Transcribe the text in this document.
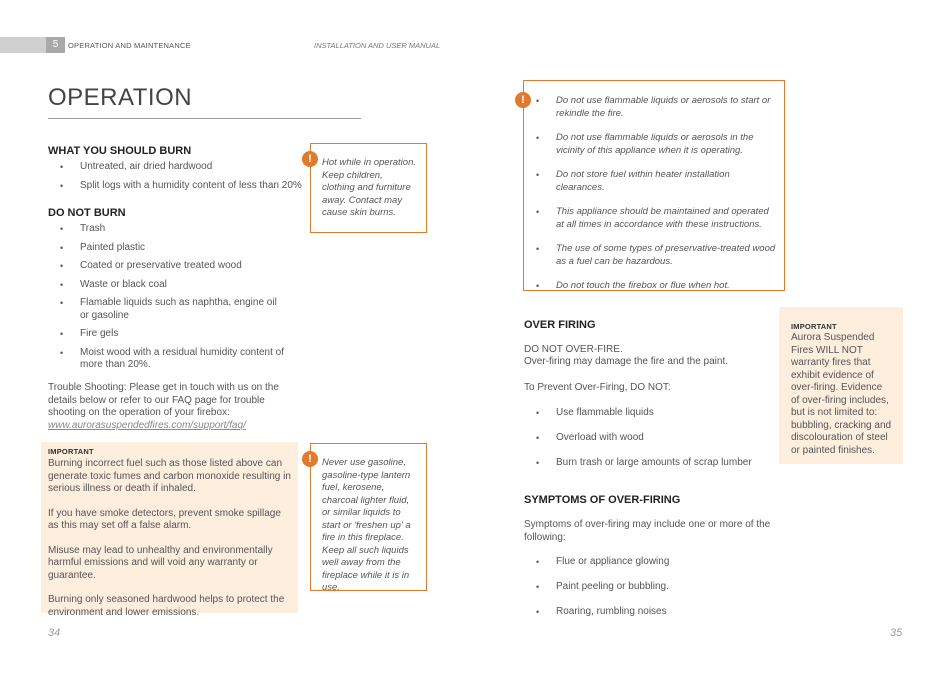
5	OPERATION AND MAINTENANCE	INSTALLATION AND USER MANUAL
OPERATION
WHAT YOU SHOULD BURN
• Untreated, air dried hardwood
• Split logs with a humidity content of less than 20%
DO NOT BURN
• Trash
• Painted plastic
• Coated or preservative treated wood
• Waste or black coal
• Flamable liquids such as naphtha, engine oil or gasoline
• Fire gels
• Moist wood with a residual humidity content of more than 20%.
Trouble Shooting: Please get in touch with us on the details below or refer to our FAQ page for trouble shooting on the operation of your firebox:
www.aurorasuspendedfires.com/support/faq/
IMPORTANT
Burning incorrect fuel such as those listed above can generate toxic fumes and carbon monoxide resulting in serious illness or death if inhaled.
If you have smoke detectors, prevent smoke spillage as this may set off a false alarm.
Misuse may lead to unhealthy and environmentally harmful emissions and will void any warranty or guarantee.
Burning only seasoned hardwood helps to protect the environment and lower emissions.
Hot while in operation. Keep children, clothing and furniture away. Contact may cause skin burns.
!
Never use gasoline, gasoline-type lantern fuel, kerosene, charcoal lighter fluid, or similar liquids to start or 'freshen up' a fire in this fireplace. Keep all such liquids well away from the fireplace while it is in use.
!
34
• Do not use flammable liquids or aerosols to start or rekindle the fire.
• Do not use flammable liquids or aerosols in the vicinity of this appliance when it is operating.
• Do not store fuel within heater installation clearances.
• This appliance should be maintained and operated at all times in accordance with these instructions.
• The use of some types of preservative-treated wood as a fuel can be hazardous.
• Do not touch the firebox or flue when hot.
!
OVER FIRING
DO NOT OVER-FIRE.
Over-firing may damage the fire and the paint.
To Prevent Over-Firing, DO NOT:
• Use flammable liquids
• Overload with wood
• Burn trash or large amounts of scrap lumber
SYMPTOMS OF OVER-FIRING
Symptoms of over-firing may include one or more of the following:
• Flue or appliance glowing
• Paint peeling or bubbling.
• Roaring, rumbling noises
IMPORTANT
Aurora Suspended Fires WILL NOT warranty fires that exhibit evidence of over-firing. Evidence of over-firing includes, but is not limited to: bubbling, cracking and discolouration of steel or painted finishes.
35
